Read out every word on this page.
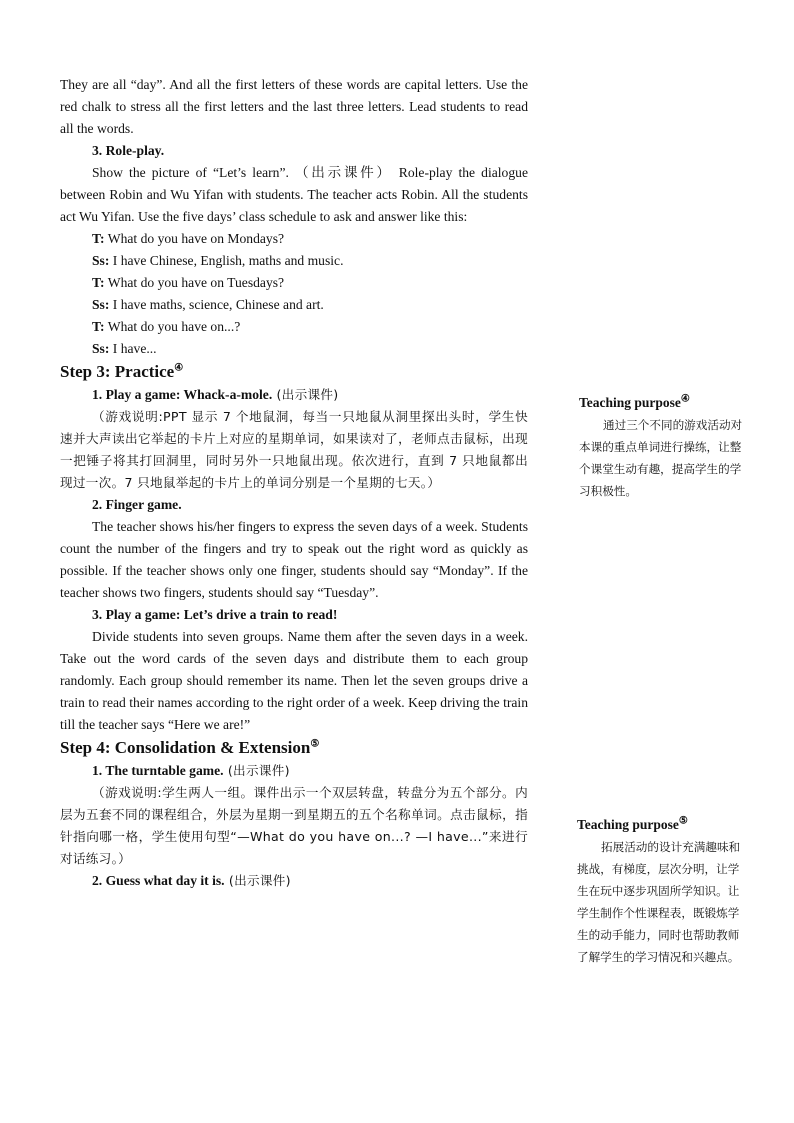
They are all “day”. And all the first letters of these words are capital letters. Use the red chalk to stress all the first letters and the last three letters. Lead students to read all the words.

3. Role-play.

Show the picture of “Let’s learn”. （出示课件） Role-play the dialogue between Robin and Wu Yifan with students. The teacher acts Robin. All the students act Wu Yifan. Use the five days’ class schedule to ask and answer like this:

T: What do you have on Mondays?

Ss: I have Chinese, English, maths and music.

T: What do you have on Tuesdays?

Ss: I have maths, science, Chinese and art.

T: What do you have on...?

Ss: I have...

Step 3: Practice④

1. Play a game: Whack-a-mole. (出示课件)

（游戏说明:PPT 显示 7 个地鼠洞，每当一只地鼠从洞里探出头时，学生快速并大声读出它举起的卡片上对应的星期单词，如果读对了，老师点击鼠标，出现一把锤子将其打回洞里，同时另外一只地鼠出现。依次进行，直到 7 只地鼠都出现过一次。7 只地鼠举起的卡片上的单词分别是一个星期的七天。）

2. Finger game.

The teacher shows his/her fingers to express the seven days of a week. Students count the number of the fingers and try to speak out the right word as quickly as possible. If the teacher shows only one finger, students should say “Monday”. If the teacher shows two fingers, students should say “Tuesday”.

3. Play a game: Let’s drive a train to read!

Divide students into seven groups. Name them after the seven days in a week. Take out the word cards of the seven days and distribute them to each group randomly. Each group should remember its name. Then let the seven groups drive a train to read their names according to the right order of a week. Keep driving the train till the teacher says “Here we are!”

Step 4: Consolidation & Extension⑤

1. The turntable game. (出示课件)

（游戏说明:学生两人一组。课件出示一个双层转盘，转盘分为五个部分。内层为五套不同的课程组合，外层为星期一到星期五的五个名称单词。点击鼠标，指针指向哪一格，学生使用句型“—What do you have on...? —I have...”来进行对话练习。）

2. Guess what day it is. (出示课件)

Teaching purpose④

通过三个不同的游戏活动对本课的重点单词进行操练，让整个课堂生动有趣，提高学生的学习积极性。

Teaching purpose⑤

拓展活动的设计充满趣味和挑战，有梯度，层次分明，让学生在玩中逐步巩固所学知识。让学生制作个性课程表，既锻炼学生的动手能力，同时也帮助教师了解学生的学习情况和兴趣点。
